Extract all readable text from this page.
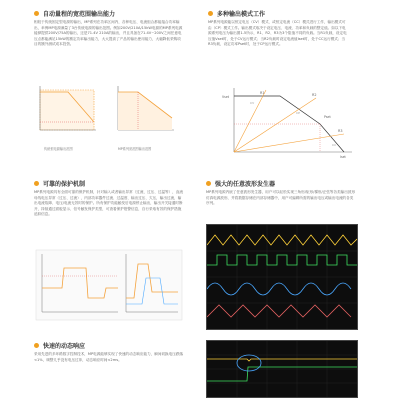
自动量程的宽范围输出能力
相较于传统固定型电源的输出，MP系列在功率区间内，各种电压、电流组合都能接合功率输出，举例MP电源满量了3台传统电源的输出范围。例如200V/210A/15kW电源的MP系列电源能够提供200V/75A的输出，还是71.4V 210A的输出，并且具备在71.4V~200V之间任意电压点都能满足15kW的额定功率输出能力，大大提高了产品的输出使用能力，大幅降低采购项目的额外测试成本投资。
传统恒电源输出范围	MP系列宽范围输出范围
多种输出模式工作
MP系列电源能以恒定电压（CV）模式、或恒定电流（CC）模式进行工作，输出模式可由（CP）模式工作。输出模式取决于设定电压、电流、功率和负载的整定值。如以下电源系列电压为输出图1-5所示，R1、R2、R3为3个阻值不同的负载。当R1负载，设定电压值Vset时，处于CV运行模式；当R2负载时设定电流值Iset时，处于CC运行模式；当R3负载，设定功率Pset时，处于CP运行模式。
R1	R2
R3
Vset
Iset
Pset
CV
CC
CP
可靠的保护机制
MP系列电源具有全面可靠的保护机制，针对输入或者输出异常（过流、过压、过温等），直流母线电压异常（过压、过流），内部功率器件过流、过温度、输出过压、欠压，输出过流，输出电流故障、电压/电流无效时的保护。所有保护功能触发后电源停止输出，输出开关接通时断开，持续通过面板显示、信号触发保护类型，可查看保护报警信息，自行采取有效的保护措施追踪信息。
强大的任意波形发生器
MP系列电源内嵌了任意波形发生器，用户可以轻松实现三角形/矩形/梯形/正弦等各类输出波形仿真电源波形，并将数据存储在内部存储器中，用户可编辑所需的输出电压或输出电流的各类序列。
快速的动态响应
采用先进的多环路数字控制技术，MP电源能够实现了快速的动态响应能力，瞬间切换电压跌落<1%，调整几乎没有电压过冲，动态响应时间<2ms。
